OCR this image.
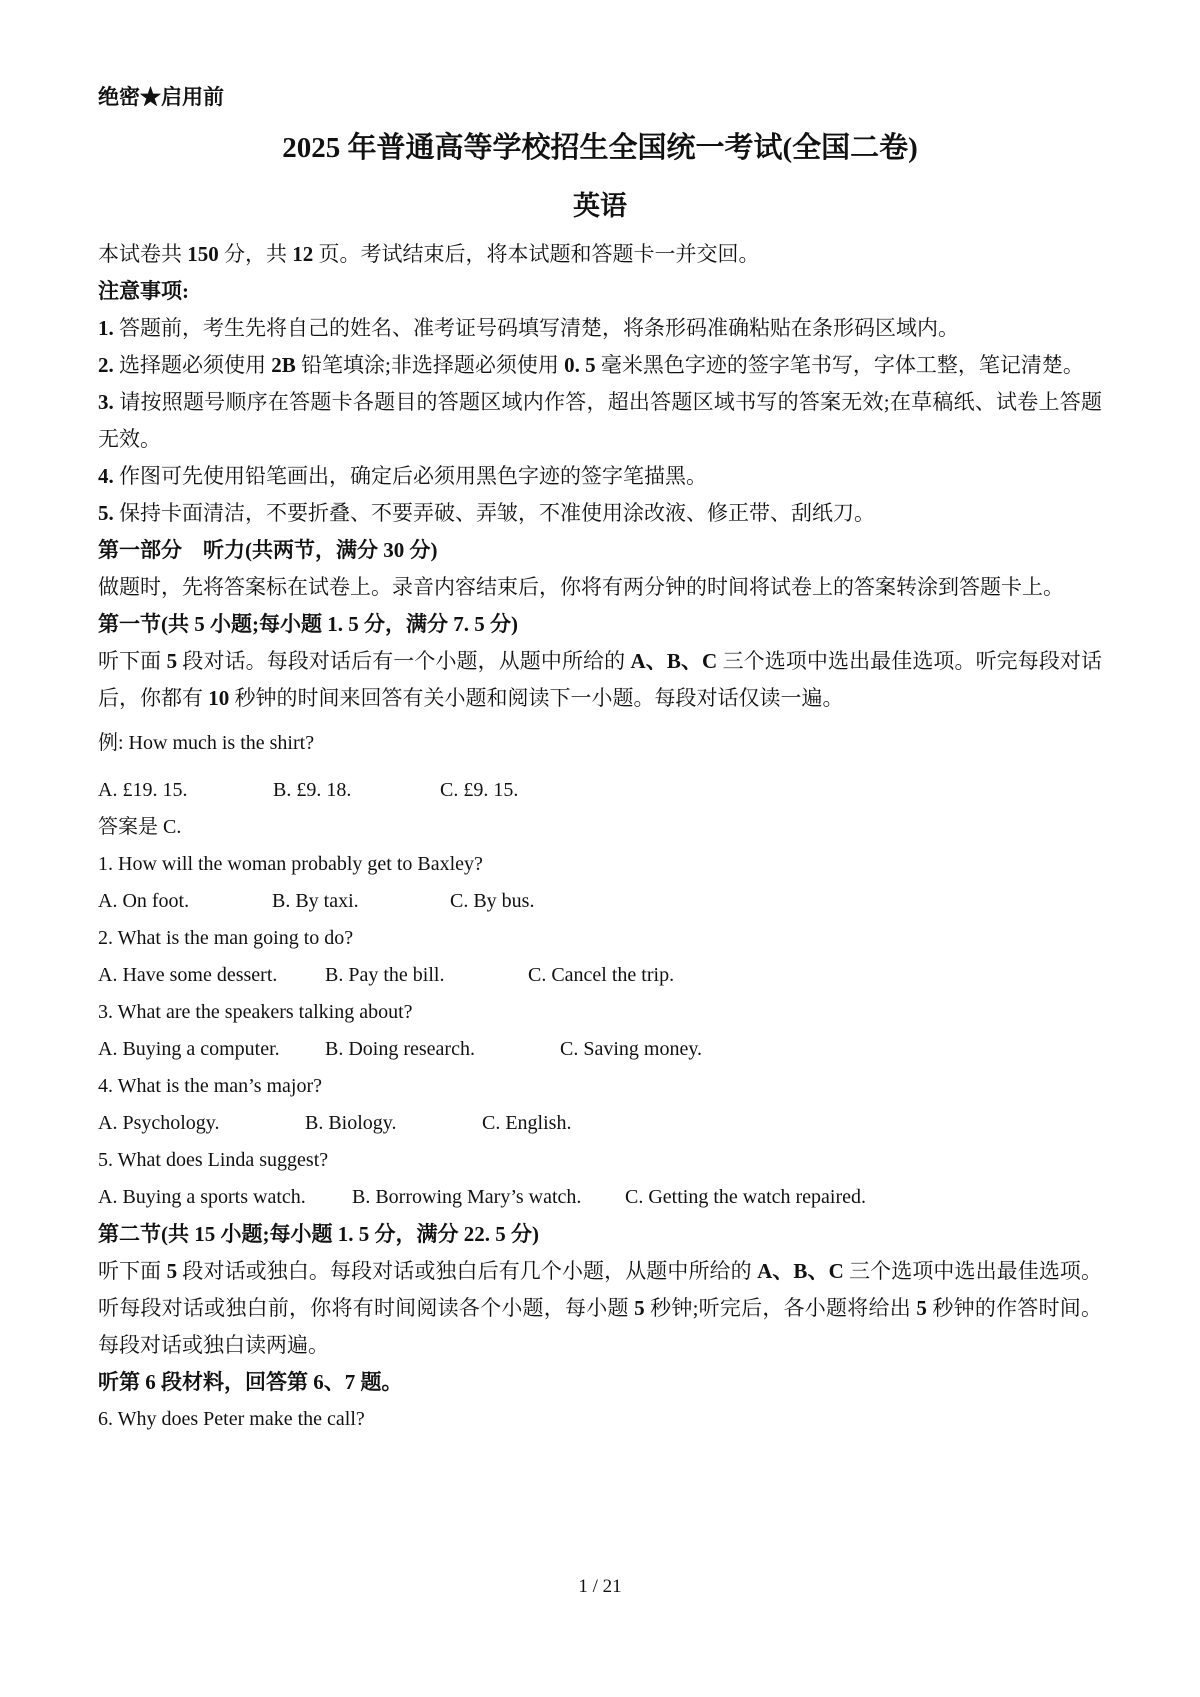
绝密★启用前

2025 年普通高等学校招生全国统一考试(全国二卷)
英语

本试卷共 150 分，共 12 页。考试结束后，将本试题和答题卡一并交回。

注意事项:

1. 答题前，考生先将自己的姓名、准考证号码填写清楚，将条形码准确粘贴在条形码区域内。

2. 选择题必须使用 2B 铅笔填涂;非选择题必须使用 0. 5 毫米黑色字迹的签字笔书写，字体工整，笔记清楚。

3. 请按照题号顺序在答题卡各题目的答题区域内作答，超出答题区域书写的答案无效;在草稿纸、试卷上答题无效。

4. 作图可先使用铅笔画出，确定后必须用黑色字迹的签字笔描黑。

5. 保持卡面清洁，不要折叠、不要弄破、弄皱，不准使用涂改液、修正带、刮纸刀。

第一部分　听力(共两节，满分 30 分)

做题时，先将答案标在试卷上。录音内容结束后，你将有两分钟的时间将试卷上的答案转涂到答题卡上。

第一节(共 5 小题;每小题 1. 5 分，满分 7. 5 分)

听下面 5 段对话。每段对话后有一个小题，从题中所给的 A、B、C 三个选项中选出最佳选项。听完每段对话后，你都有 10 秒钟的时间来回答有关小题和阅读下一小题。每段对话仅读一遍。

例: How much is the shirt?

A. £19. 15.	B. £9. 18.	C. £9. 15.

答案是 C.

1. How will the woman probably get to Baxley?

A. On foot.	B. By taxi.	C. By bus.

2. What is the man going to do?

A. Have some dessert.	B. Pay the bill.	C. Cancel the trip.

3. What are the speakers talking about?

A. Buying a computer.	B. Doing research.	C. Saving money.

4. What is the man’s major?

A. Psychology.	B. Biology.	C. English.

5. What does Linda suggest?

A. Buying a sports watch.	B. Borrowing Mary’s watch.	C. Getting the watch repaired.

第二节(共 15 小题;每小题 1. 5 分，满分 22. 5 分)

听下面 5 段对话或独白。每段对话或独白后有几个小题，从题中所给的 A、B、C 三个选项中选出最佳选项。听每段对话或独白前，你将有时间阅读各个小题，每小题 5 秒钟;听完后，各小题将给出 5 秒钟的作答时间。每段对话或独白读两遍。

听第 6 段材料，回答第 6、7 题。

6. Why does Peter make the call?

1 / 21
